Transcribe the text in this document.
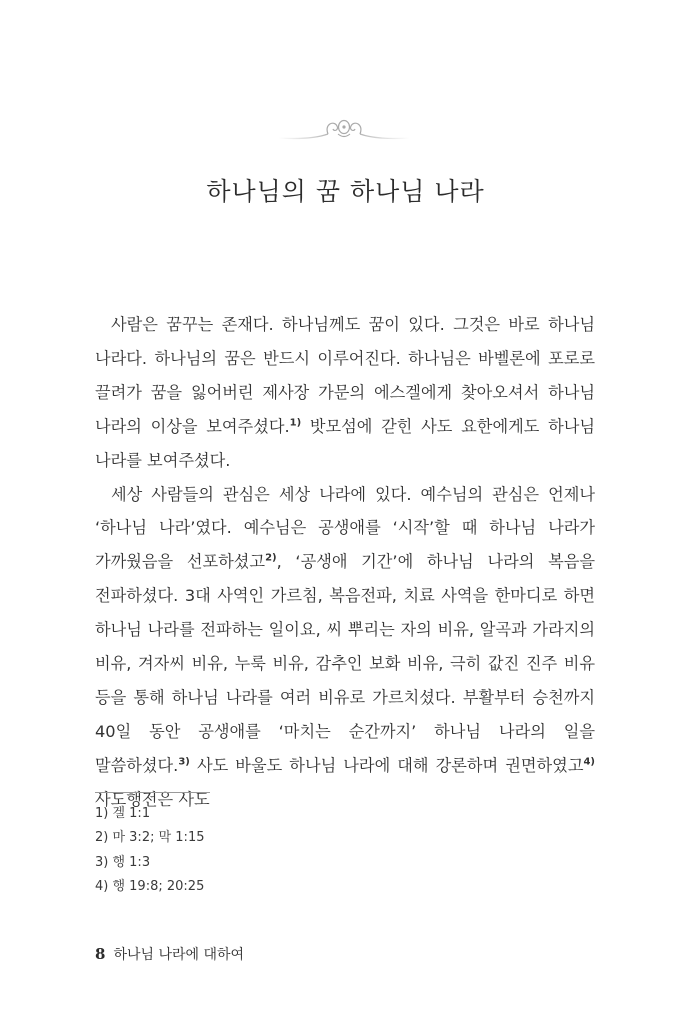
하나님의 꿈 하나님 나라

사람은 꿈꾸는 존재다. 하나님께도 꿈이 있다. 그것은 바로 하나님 나라다. 하나님의 꿈은 반드시 이루어진다. 하나님은 바벨론에 포로로 끌려가 꿈을 잃어버린 제사장 가문의 에스겔에게 찾아오셔서 하나님 나라의 이상을 보여주셨다.$^{1)}$ 밧모섬에 갇힌 사도 요한에게도 하나님 나라를 보여주셨다.

세상 사람들의 관심은 세상 나라에 있다. 예수님의 관심은 언제나 ‘하나님 나라’였다. 예수님은 공생애를 ‘시작’할 때 하나님 나라가 가까웠음을 선포하셨고$^{2)}$, ‘공생애 기간’에 하나님 나라의 복음을 전파하셨다. 3대 사역인 가르침, 복음전파, 치료 사역을 한마디로 하면 하나님 나라를 전파하는 일이요, 씨 뿌리는 자의 비유, 알곡과 가라지의 비유, 겨자씨 비유, 누룩 비유, 감추인 보화 비유, 극히 값진 진주 비유 등을 통해 하나님 나라를 여러 비유로 가르치셨다. 부활부터 승천까지 40일 동안 공생애를 ‘마치는 순간까지’ 하나님 나라의 일을 말씀하셨다.$^{3)}$ 사도 바울도 하나님 나라에 대해 강론하며 권면하였고$^{4)}$ 사도행전은 사도

1) 겔 1:1
2) 마 3:2; 막 1:15
3) 행 1:3
4) 행 19:8; 20:25
8 하나님 나라에 대하여
